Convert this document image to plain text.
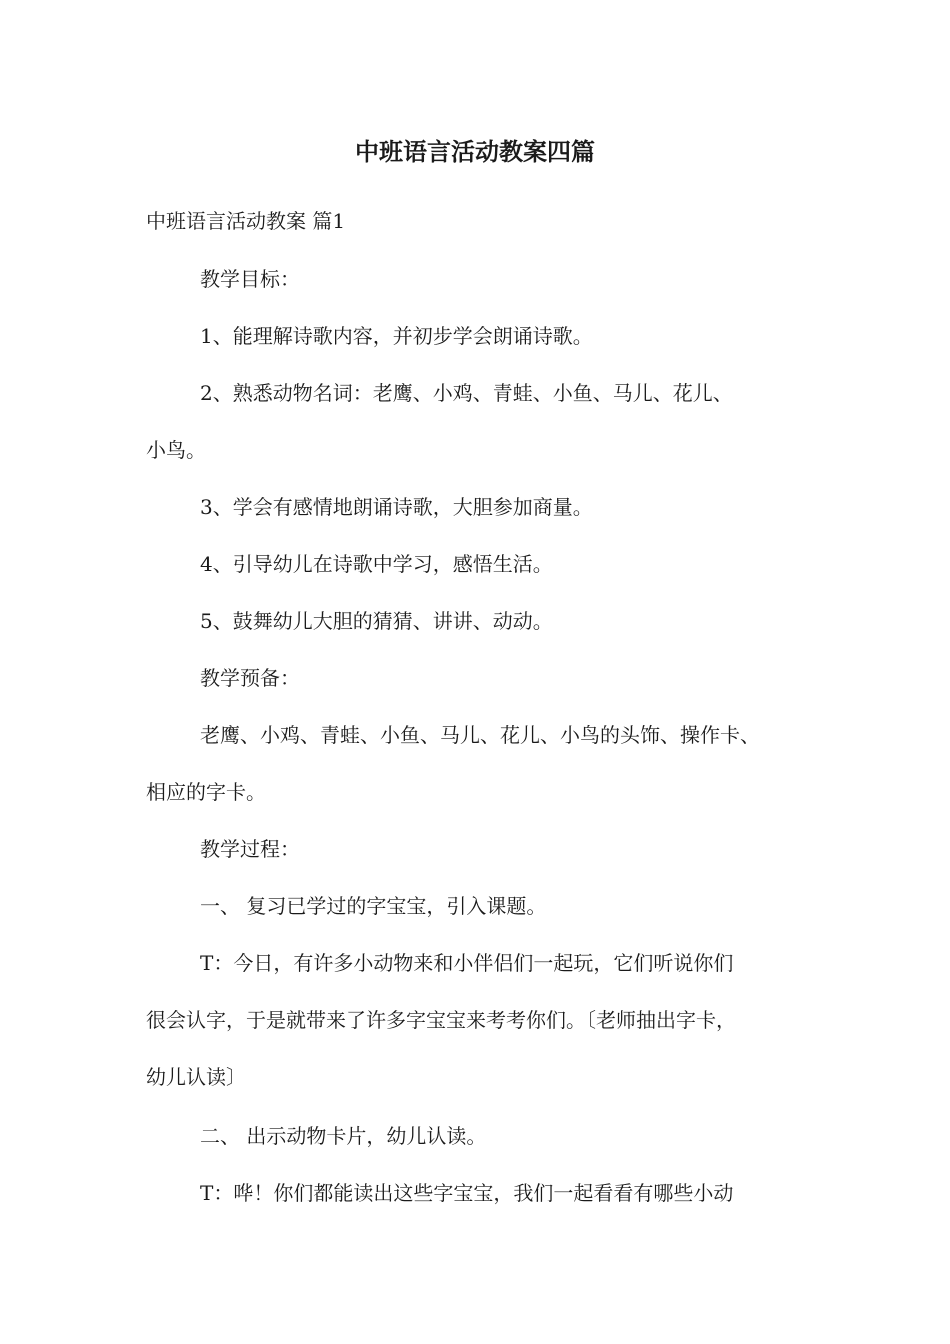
中班语言活动教案四篇
中班语言活动教案 篇1
教学目标：
1、能理解诗歌内容，并初步学会朗诵诗歌。
2、熟悉动物名词：老鹰、小鸡、青蛙、小鱼、马儿、花儿、
小鸟。
3、学会有感情地朗诵诗歌，大胆参加商量。
4、引导幼儿在诗歌中学习，感悟生活。
5、鼓舞幼儿大胆的猜猜、讲讲、动动。
教学预备：
老鹰、小鸡、青蛙、小鱼、马儿、花儿、小鸟的头饰、操作卡、
相应的字卡。
教学过程：
一、 复习已学过的字宝宝，引入课题。
T：今日，有许多小动物来和小伴侣们一起玩，它们听说你们
很会认字，于是就带来了许多字宝宝来考考你们。〔老师抽出字卡，
幼儿认读〕
二、 出示动物卡片，幼儿认读。
T：哗！你们都能读出这些字宝宝，我们一起看看有哪些小动
